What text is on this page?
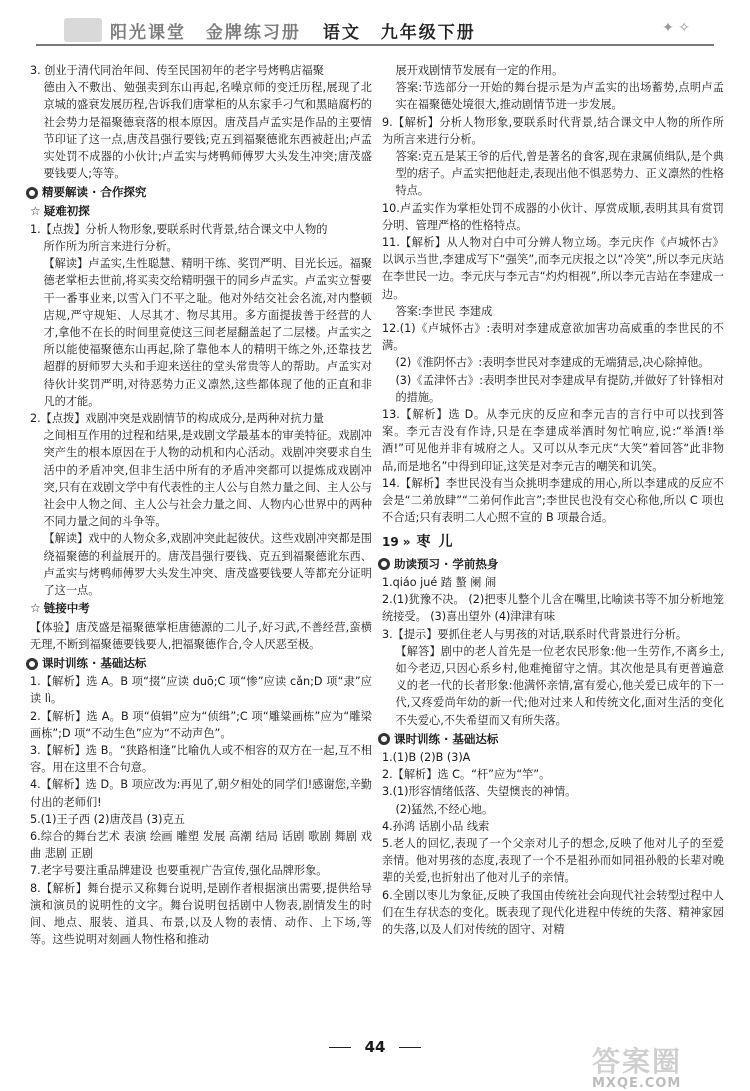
阳光课堂 金牌练习册 语文 九年级下册	✦ ✧

3. 创业于清代同治年间、传至民国初年的老字号烤鸭店福聚

德由入不敷出、勉强卖到东山再起,名噪京师的变迁历程,展现了北京城的盛衰发展历程,告诉我们唐掌柜的从东家手刁气和黑暗腐朽的社会势力是福聚德衰落的根本原因。唐茂昌卢孟实是作品的主要情节印证了这一点,唐茂昌强行要钱;克五到福聚德讹东西被赶出;卢孟实处罚不成器的小伙计;卢孟实与烤鸭师傅罗大头发生冲突;唐茂盛要钱要人;等等。

精要解读 · 合作探究
☆ 疑难初探

1.【点拨】分析人物形象,要联系时代背景,结合课文中人物的

所作所为所言来进行分析。

【解读】卢孟实,生性聪慧、精明干练、奖罚严明、目光长远。福聚德老掌柜去世前,将买卖交给精明强干的同乡卢孟实。卢孟实立誓要干一番事业来,以雪入门不平之耻。他对外结交社会名流,对内整顿店规,严守规矩、人尽其才、物尽其用。多方面提拔善于经营的人才,拿他不在长的时间里竟使这三间老屋翻盖起了二层楼。卢孟实之所以能使福聚德东山再起,除了靠他本人的精明干练之外,还靠技艺超群的厨师罗大头和手迎来送往的堂头常贵等人的帮助。卢孟实对待伙计奖罚严明,对待恶势力正义凛然,这些都体现了他的正直和非凡的才能。

2.【点拨】戏剧冲突是戏剧情节的构成成分,是两种对抗力量

之间相互作用的过程和结果,是戏剧文学最基本的审美特征。戏剧冲突产生的根本原因在于人物的动机和内心活动。戏剧冲突要求自生活中的矛盾冲突,但非生活中所有的矛盾冲突都可以提炼成戏剧冲突,只有在戏剧文学中有代表性的主人公与自然力量之间、主人公与社会中人物之间、主人公与社会力量之间、人物内心世界中的两种不同力量之间的斗争等。

【解读】戏中的人物众多,戏剧冲突此起彼伏。这些戏剧冲突都是围绕福聚德的利益展开的。唐茂昌强行要钱、克五到福聚德讹东西、卢孟实与烤鸭师傅罗大头发生冲突、唐茂盛要钱要人等都充分证明了这一点。

☆ 链接中考

【体验】唐茂盛是福聚德掌柜唐德源的二儿子,好习武,不善经营,蛮横无理,不断到福聚德要钱要人,把福聚德作合,令人厌恶至极。

课时训练 · 基础达标

1.【解析】选 A。B 项“掇”应读 duō;C 项“惨”应读 cǎn;D 项“隶”应读 lì。

2.【解析】选 A。B 项“偵辑”应为“侦缉”;C 项“雕粱画栋”应为“雕梁画栋”;D 项“不动生色”应为“不动声色”。

3.【解析】选 B。“狭路相逢”比喻仇人或不相容的双方在一起,互不相容。用在这里不合句意。

4.【解析】选 D。B 项应改为:再见了,朝夕相处的同学们!感谢您,辛勤付出的老师们!

5.(1)王子西 (2)唐茂昌 (3)克五

6.综合的舞台艺术 表演 绘画 雕塑 发展 高潮 结局 话剧 歌剧 舞剧 戏曲 悲剧 正剧

7.老字号要注重品牌建设 也要重视广告宣传,强化品牌形象。

8.【解析】舞台提示又称舞台说明,是剧作者根据演出需要,提供给导演和演员的说明性的文字。舞台说明包括剧中人物表,剧情发生的时间、地点、服装、道具、布景,以及人物的表情、动作、上下场,等等。这些说明对刻画人物性格和推动

展开戏剧情节发展有一定的作用。

答案:节选部分一开始的舞台提示是为卢孟实的出场蓄势,点明卢孟实在福聚德处境很大,推动剧情节进一步发展。

9.【解析】分析人物形象,要联系时代背景,结合课文中人物的所作所为所言来进行分析。

答案:克五是某王爷的后代,曾是著名的食客,现在隶属侦缉队,是个典型的痞子。卢孟实把他赶走,表现出他不惧恶势力、正义凛然的性格特点。

10.卢孟实作为掌柜处罚不成器的小伙计、厚赏成顺,表明其具有赏罚分明、管理严格的性格特点。

11.【解析】从人物对白中可分辨人物立场。李元庆作《卢城怀古》以讽示当世,李建成写下“强笑”,而李元庆报之以“冷笑”,所以李元庆站在李世民一边。李元庆与李元吉“灼灼相视”,所以李元吉站在李建成一边。

答案:李世民 李建成

12.(1)《卢城怀古》:表明对李建成意欲加害功高威重的李世民的不满。

(2)《淮阴怀古》:表明李世民对李建成的无端猜忌,决心除掉他。

(3)《孟津怀古》:表明李世民对李建成早有提防,并做好了针锋相对的措施。

13.【解析】选 D。从李元庆的反应和李元吉的言行中可以找到答案。李元吉没有作诗,只是在李建成举酒时匆忙响应,说:“举酒!举酒!”可见他并非有城府之人。又可以从李元庆“大笑”着回答“此非物品,而是地名”中得到印证,这笑是对李元吉的嘲笑和讥笑。

14.【解析】李世民没有当众挑明李建成的用心,所以李建成的反应不会是“二弟放肆”“二弟何作此言”;李世民也没有交心称他,所以 C 项也不合适;只有表明二人心照不宣的 B 项最合适。

19 » 枣儿
助读预习 · 学前热身

1.qiáo jué 踏 螯 阑 闹

2.(1)犹豫不决。 (2)把枣儿整个儿含在嘴里,比喻读书等不加分析地笼统接受。 (3)喜出望外 (4)津津有味

3.【提示】要抓住老人与男孩的对话,联系时代背景进行分析。

【解答】剧中的老人首先是一位老农民形象:他一生劳作,不离乡土,如今老迈,只因心系乡村,他难掩留守之情。其次他是具有更普遍意义的老一代的长者形象:他满怀亲情,富有爱心,他关爱已成年的下一代,又疼爱尚年幼的新一代;他对过来人和传统文化,面对生活的变化不失爱心,不失希望而又有所失落。

课时训练 · 基础达标

1.(1)B (2)B (3)A

2.【解析】选 C。“杆”应为“竿”。

3.(1)形容情绪低落、失望懊丧的神情。

(2)猛然,不经心地。

4.孙鸿 话剧小品 线索

5.老人的回忆,表现了一个父亲对儿子的想念,反映了他对儿子的至爱亲情。他对男孩的态度,表现了一个不是祖孙而如同祖孙般的长辈对晚辈的关爱,也折射出了他对儿子的亲情。

6.全剧以枣儿为象征,反映了我国由传统社会向现代社会转型过程中人们在生存状态的变化。既表现了现代化进程中传统的失落、精神家园的失落,以及人们对传统的固守、对精

44	答案圈
MXQE.COM
